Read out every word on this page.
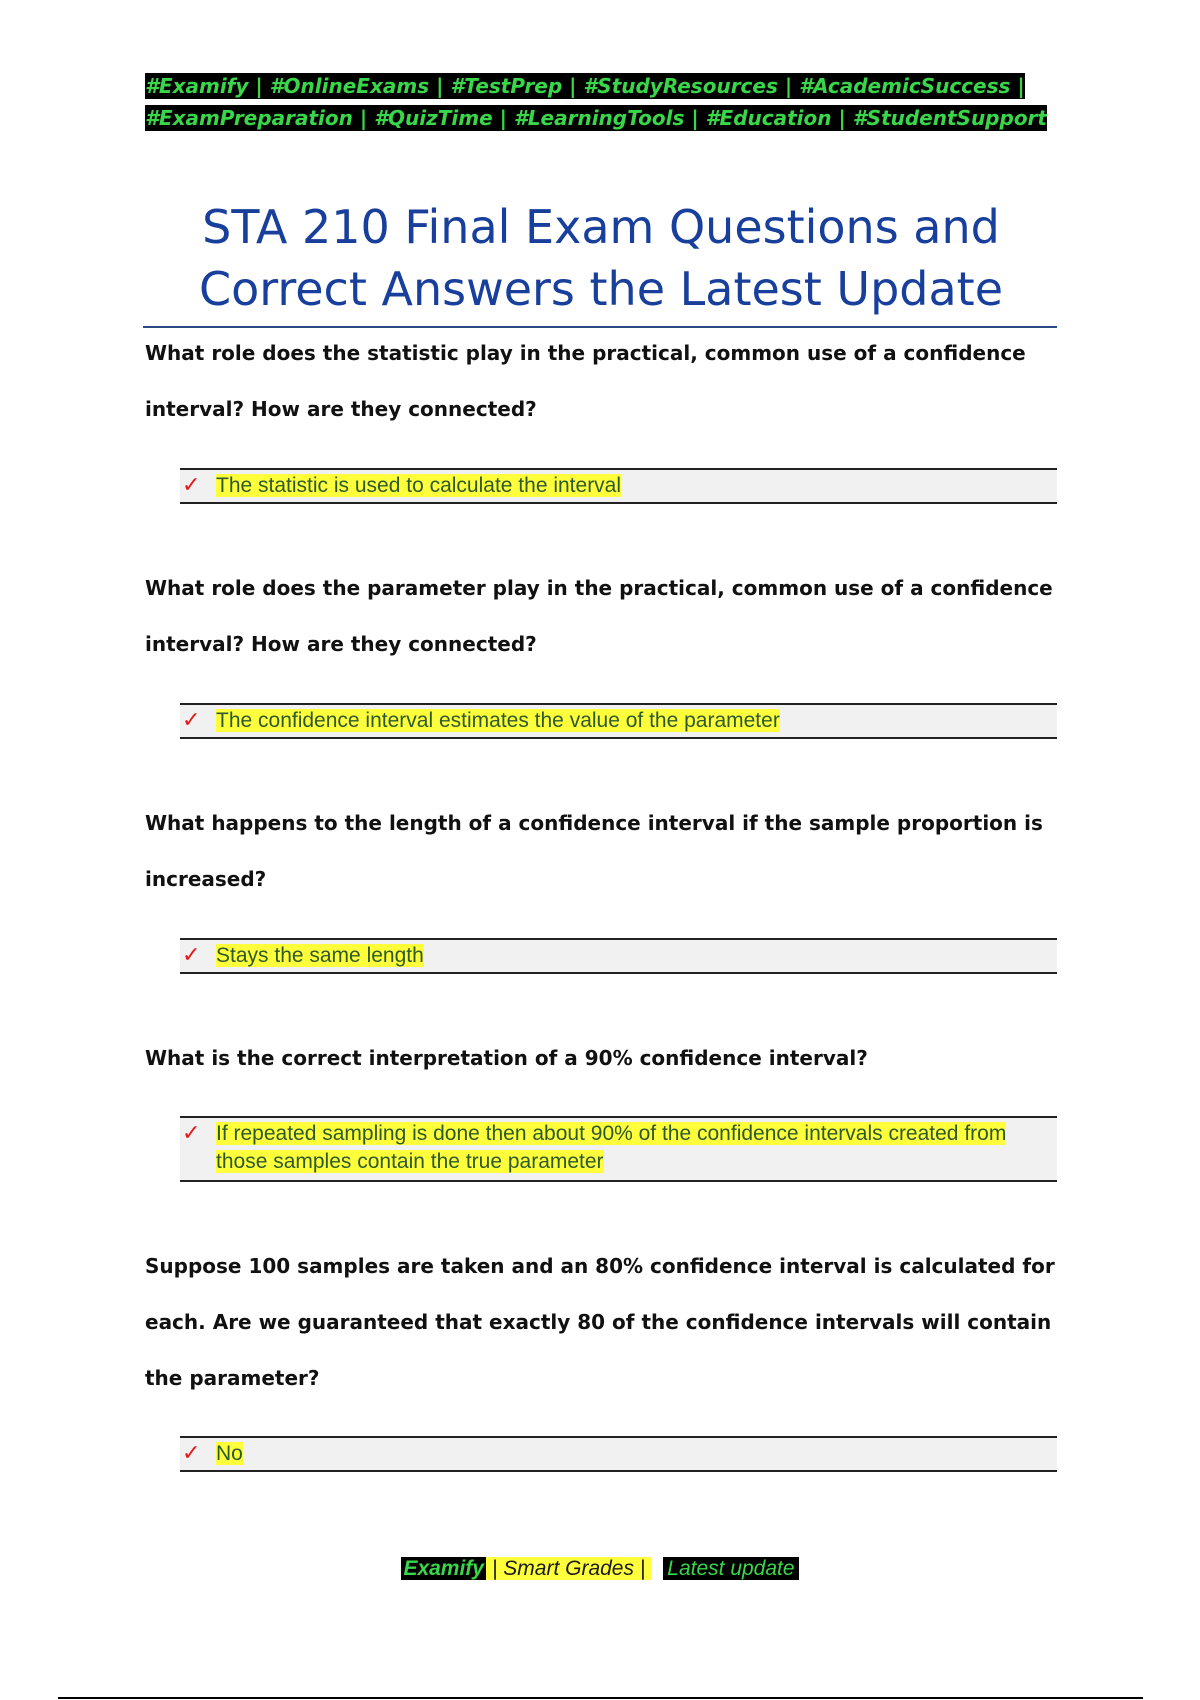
#Examify | #OnlineExams | #TestPrep | #StudyResources | #AcademicSuccess |
#ExamPreparation | #QuizTime | #LearningTools | #Education | #StudentSupport
STA 210 Final Exam Questions and
Correct Answers the Latest Update

What role does the statistic play in the practical, common use of a confidence interval? How are they connected?

✓ The statistic is used to calculate the interval

What role does the parameter play in the practical, common use of a confidence interval? How are they connected?

✓ The confidence interval estimates the value of the parameter

What happens to the length of a confidence interval if the sample proportion is increased?

✓ Stays the same length

What is the correct interpretation of a 90% confidence interval?

✓ If repeated sampling is done then about 90% of the confidence intervals created from those samples contain the true parameter

Suppose 100 samples are taken and an 80% confidence interval is calculated for each. Are we guaranteed that exactly 80 of the confidence intervals will contain the parameter?

✓ No
Examify | Smart Grades | Latest update
